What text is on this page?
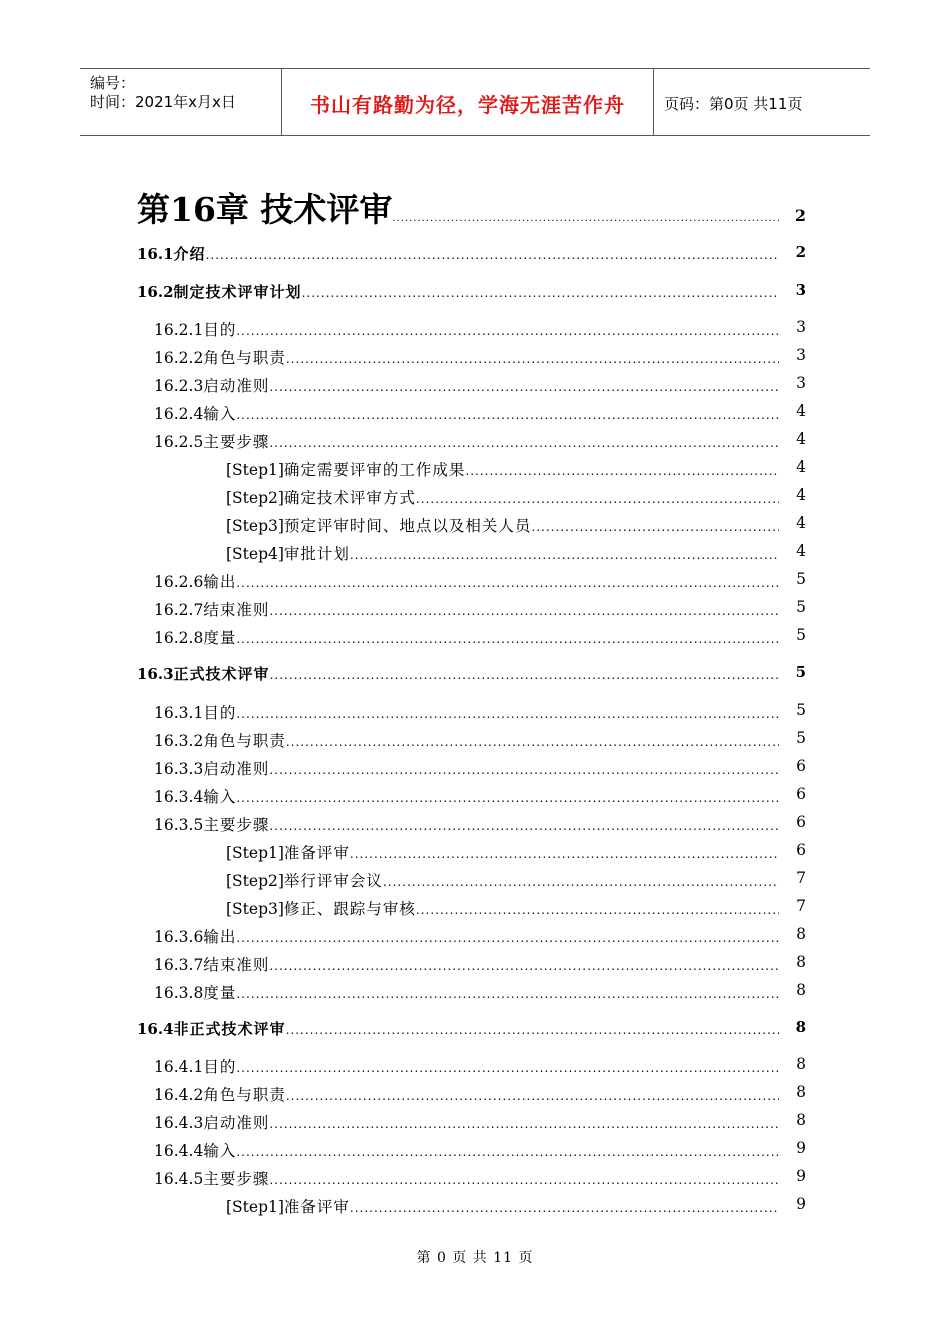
编号：
时间：2021年x月x日	书山有路勤为径，学海无涯苦作舟	页码：第0页 共11页
第16章 技术评审 .....	2
16.1 介绍 .....	2
16.2 制定技术评审计划 .....	3
16.2.1 目的 .....	3
16.2.2 角色与职责 .....	3
16.2.3 启动准则 .....	3
16.2.4 输入 .....	4
16.2.5 主要步骤 .....	4
[Step1] 确定需要评审的工作成果 .....	4
[Step2] 确定技术评审方式 .....	4
[Step3] 预定评审时间、地点以及相关人员 .....	4
[Step4] 审批计划 .....	4
16.2.6 输出 .....	5
16.2.7 结束准则 .....	5
16.2.8 度量 .....	5
16.3 正式技术评审 .....	5
16.3.1 目的 .....	5
16.3.2 角色与职责 .....	5
16.3.3 启动准则 .....	6
16.3.4 输入 .....	6
16.3.5 主要步骤 .....	6
[Step1] 准备评审 .....	6
[Step2] 举行评审会议 .....	7
[Step3] 修正、跟踪与审核 .....	7
16.3.6 输出 .....	8
16.3.7 结束准则 .....	8
16.3.8 度量 .....	8
16.4 非正式技术评审 .....	8
16.4.1 目的 .....	8
16.4.2 角色与职责 .....	8
16.4.3 启动准则 .....	8
16.4.4 输入 .....	9
16.4.5 主要步骤 .....	9
[Step1] 准备评审 .....	9
第 0 页 共 11 页
